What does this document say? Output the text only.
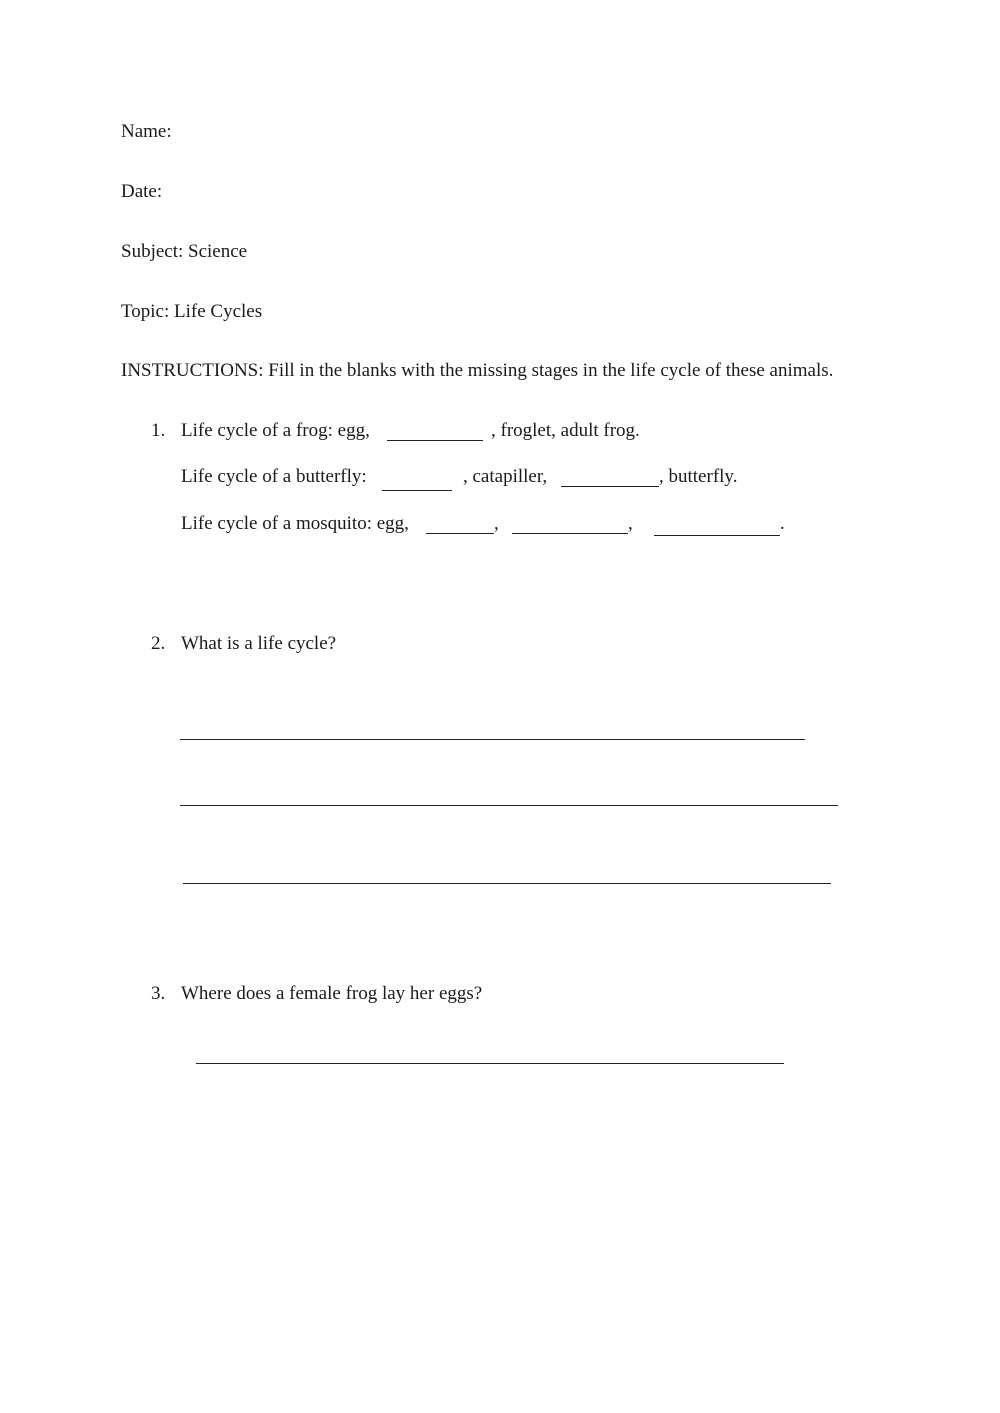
Name:
Date:
Subject: Science
Topic: Life Cycles
INSTRUCTIONS: Fill in the blanks with the missing stages in the life cycle of these animals.
1. Life cycle of a frog: egg,	, froglet, adult frog.
Life cycle of a butterfly:	, catapiller,	, butterfly.
Life cycle of a mosquito: egg,	,	,	.
2. What is a life cycle?
3. Where does a female frog lay her eggs?
